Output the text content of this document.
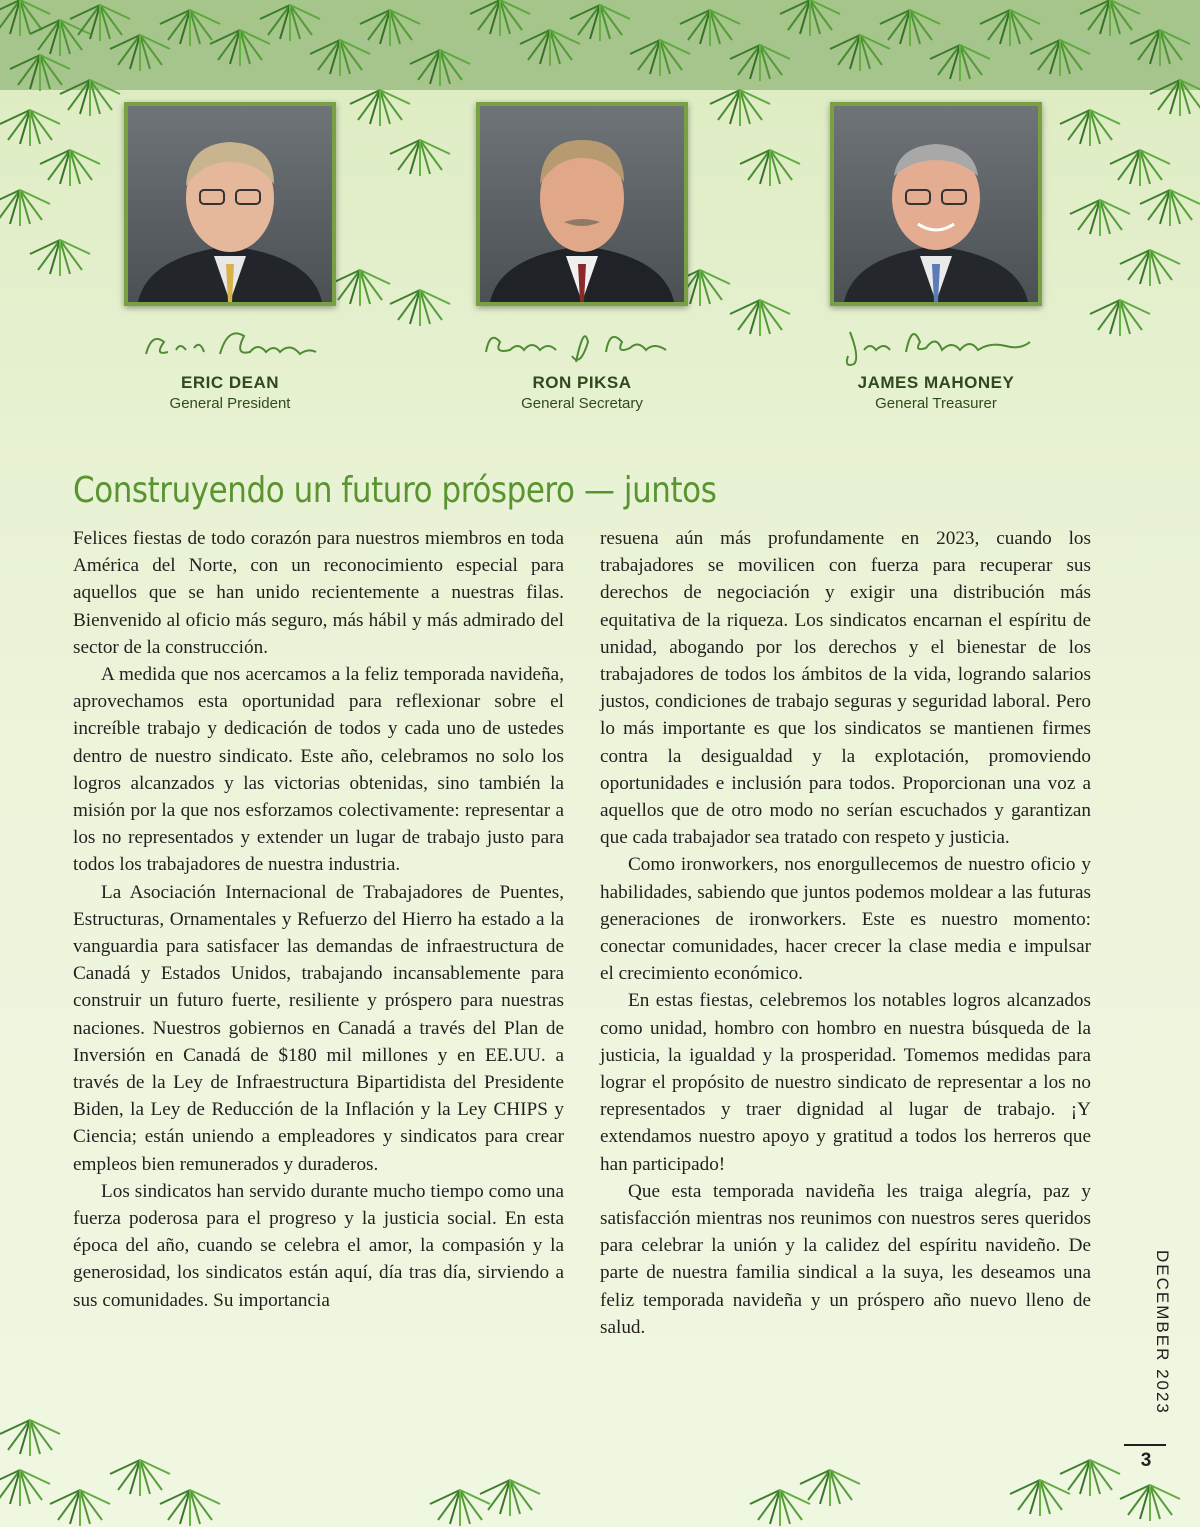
ERIC DEAN
General President
RON PIKSA
General Secretary
JAMES MAHONEY
General Treasurer
Construyendo un futuro próspero — juntos

Felices fiestas de todo corazón para nuestros miembros en toda América del Norte, con un reconocimiento especial para aquellos que se han unido recientemente a nuestras filas. Bienvenido al oficio más seguro, más hábil y más admirado del sector de la construcción.

A medida que nos acercamos a la feliz temporada navideña, aprovechamos esta oportunidad para reflexionar sobre el increíble trabajo y dedicación de todos y cada uno de ustedes dentro de nuestro sindicato. Este año, celebramos no solo los logros alcanzados y las victorias obtenidas, sino también la misión por la que nos esforzamos colectivamente: representar a los no representados y extender un lugar de trabajo justo para todos los trabajadores de nuestra industria.

La Asociación Internacional de Trabajadores de Puentes, Estructuras, Ornamentales y Refuerzo del Hierro ha estado a la vanguardia para satisfacer las demandas de infraestructura de Canadá y Estados Unidos, trabajando incansablemente para construir un futuro fuerte, resiliente y próspero para nuestras naciones. Nuestros gobiernos en Canadá a través del Plan de Inversión en Canadá de $180 mil millones y en EE.UU. a través de la Ley de Infraestructura Bipartidista del Presidente Biden, la Ley de Reducción de la Inflación y la Ley CHIPS y Ciencia; están uniendo a empleadores y sindicatos para crear empleos bien remunerados y duraderos.

Los sindicatos han servido durante mucho tiempo como una fuerza poderosa para el progreso y la justicia social. En esta época del año, cuando se celebra el amor, la compasión y la generosidad, los sindicatos están aquí, día tras día, sirviendo a sus comunidades. Su importancia

resuena aún más profundamente en 2023, cuando los trabajadores se movilicen con fuerza para recuperar sus derechos de negociación y exigir una distribución más equitativa de la riqueza. Los sindicatos encarnan el espíritu de unidad, abogando por los derechos y el bienestar de los trabajadores de todos los ámbitos de la vida, logrando salarios justos, condiciones de trabajo seguras y seguridad laboral. Pero lo más importante es que los sindicatos se mantienen firmes contra la desigualdad y la explotación, promoviendo oportunidades e inclusión para todos. Proporcionan una voz a aquellos que de otro modo no serían escuchados y garantizan que cada trabajador sea tratado con respeto y justicia.

Como ironworkers, nos enorgullecemos de nuestro oficio y habilidades, sabiendo que juntos podemos moldear a las futuras generaciones de ironworkers. Este es nuestro momento: conectar comunidades, hacer crecer la clase media e impulsar el crecimiento económico.

En estas fiestas, celebremos los notables logros alcanzados como unidad, hombro con hombro en nuestra búsqueda de la justicia, la igualdad y la prosperidad. Tomemos medidas para lograr el propósito de nuestro sindicato de representar a los no representados y traer dignidad al lugar de trabajo. ¡Y extendamos nuestro apoyo y gratitud a todos los herreros que han participado!

Que esta temporada navideña les traiga alegría, paz y satisfacción mientras nos reunimos con nuestros seres queridos para celebrar la unión y la calidez del espíritu navideño. De parte de nuestra familia sindical a la suya, les deseamos una feliz temporada navideña y un próspero año nuevo lleno de salud.	DECEMBER 2023
3
